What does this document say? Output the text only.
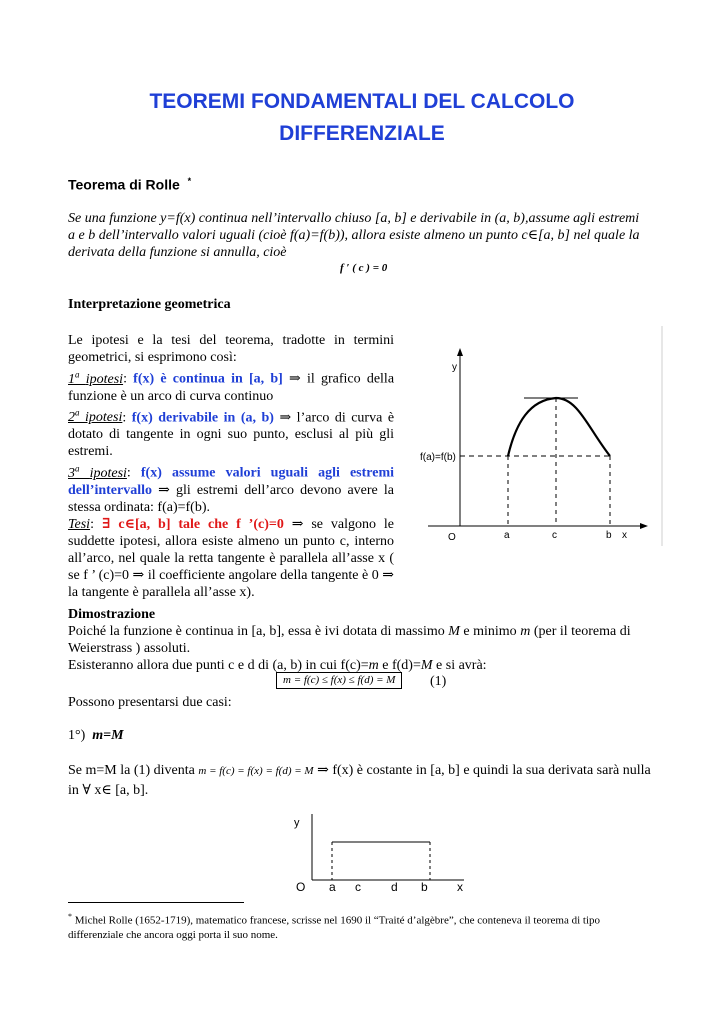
TEOREMI FONDAMENTALI DEL CALCOLO
DIFFERENZIALE
Teorema di Rolle *
Se una funzione y=f(x) continua nell’intervallo chiuso [a, b] e derivabile in (a, b),assume agli estremi a e b dell’intervallo valori uguali (cioè f(a)=f(b)), allora esiste almeno un punto c∈[a, b] nel quale la derivata della funzione si annulla, cioè
f ′ ( c ) = 0
Interpretazione geometrica
Le ipotesi e la tesi del teorema, tradotte in termini geometrici, si esprimono così:
1$^a$ ipotesi: f(x) è continua in [a, b] ⇒ il grafico della funzione è un arco di curva continuo
2$^a$ ipotesi: f(x) derivabile in (a, b) ⇒ l’arco di curva è dotato di tangente in ogni suo punto, esclusi al più gli estremi.
3$^a$ ipotesi: f(x) assume valori uguali agli estremi dell’intervallo ⇒ gli estremi dell’arco devono avere la stessa ordinata: f(a)=f(b).
Tesi: ∃ c∈[a, b] tale che f ’(c)=0 ⇒ se valgono le suddette ipotesi, allora esiste almeno un punto c, interno all’arco, nel quale la retta tangente è parallela all’asse x ( se f ’ (c)=0 ⇒ il coefficiente angolare della tangente è 0 ⇒ la tangente è parallela all’asse x).
y
f(a)=f(b)
O	a	c	b x
Dimostrazione
Poiché la funzione è continua in [a, b], essa è ivi dotata di massimo M e minimo m (per il teorema di Weierstrass ) assoluti.
Esisteranno allora due punti c e d di (a, b) in cui f(c)=m e f(d)=M e si avrà:
m = f(c) ≤ f(x) ≤ f(d) = M	(1)
Possono presentarsi due casi:
1°) m=M
Se m=M la (1) diventa m = f(c) = f(x) = f(d) = M ⇒ f(x) è costante in [a, b] e quindi la sua derivata sarà nulla in ∀ x∈ [a, b].
y
O a c	d b x
* Michel Rolle (1652-1719), matematico francese, scrisse nel 1690 il “Traité d’algèbre”, che conteneva il teorema di tipo differenziale che ancora oggi porta il suo nome.
